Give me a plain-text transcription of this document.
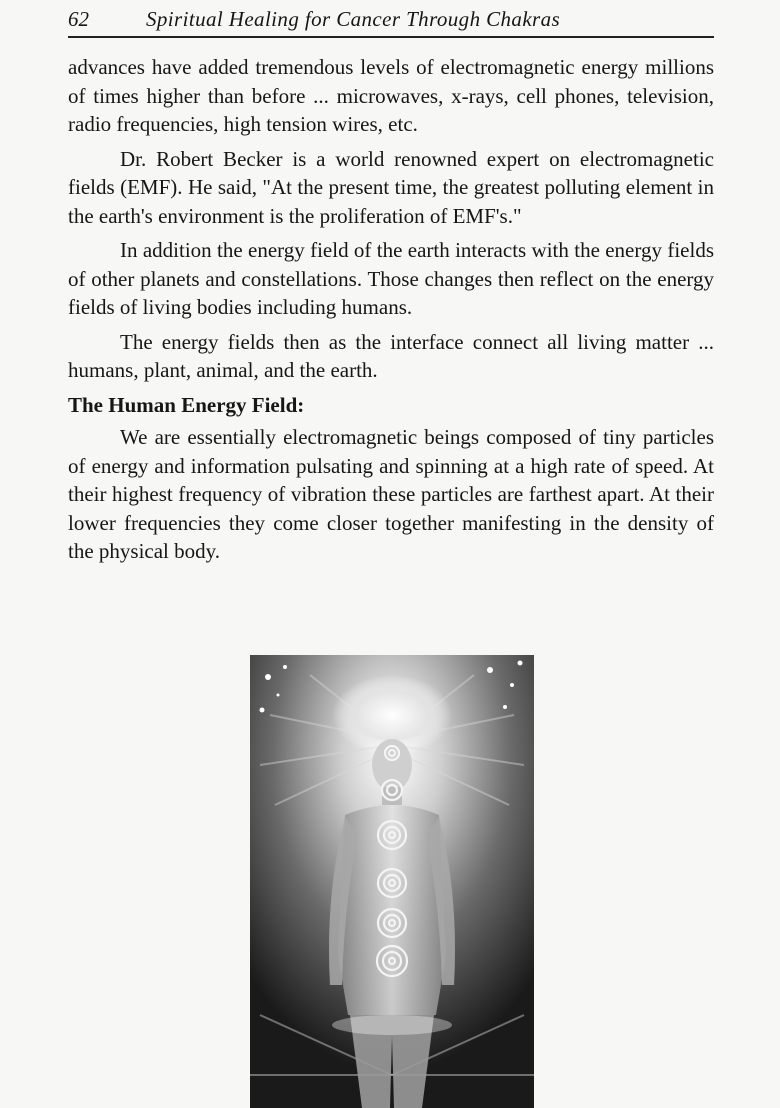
62	Spiritual Healing for Cancer Through Chakras

advances have added tremendous levels of electromagnetic energy millions of times higher than before ... microwaves, x-rays, cell phones, television, radio frequencies, high tension wires, etc.

Dr. Robert Becker is a world renowned expert on electromagnetic fields (EMF). He said, "At the present time, the greatest polluting element in the earth's environment is the proliferation of EMF's."

In addition the energy field of the earth interacts with the energy fields of other planets and constellations. Those changes then reflect on the energy fields of living bodies including humans.

The energy fields then as the interface connect all living matter ... humans, plant, animal, and the earth.

The Human Energy Field:

We are essentially electromagnetic beings composed of tiny particles of energy and information pulsating and spinning at a high rate of speed. At their highest frequency of vibration these particles are farthest apart. At their lower frequencies they come closer together manifesting in the density of the physical body.
